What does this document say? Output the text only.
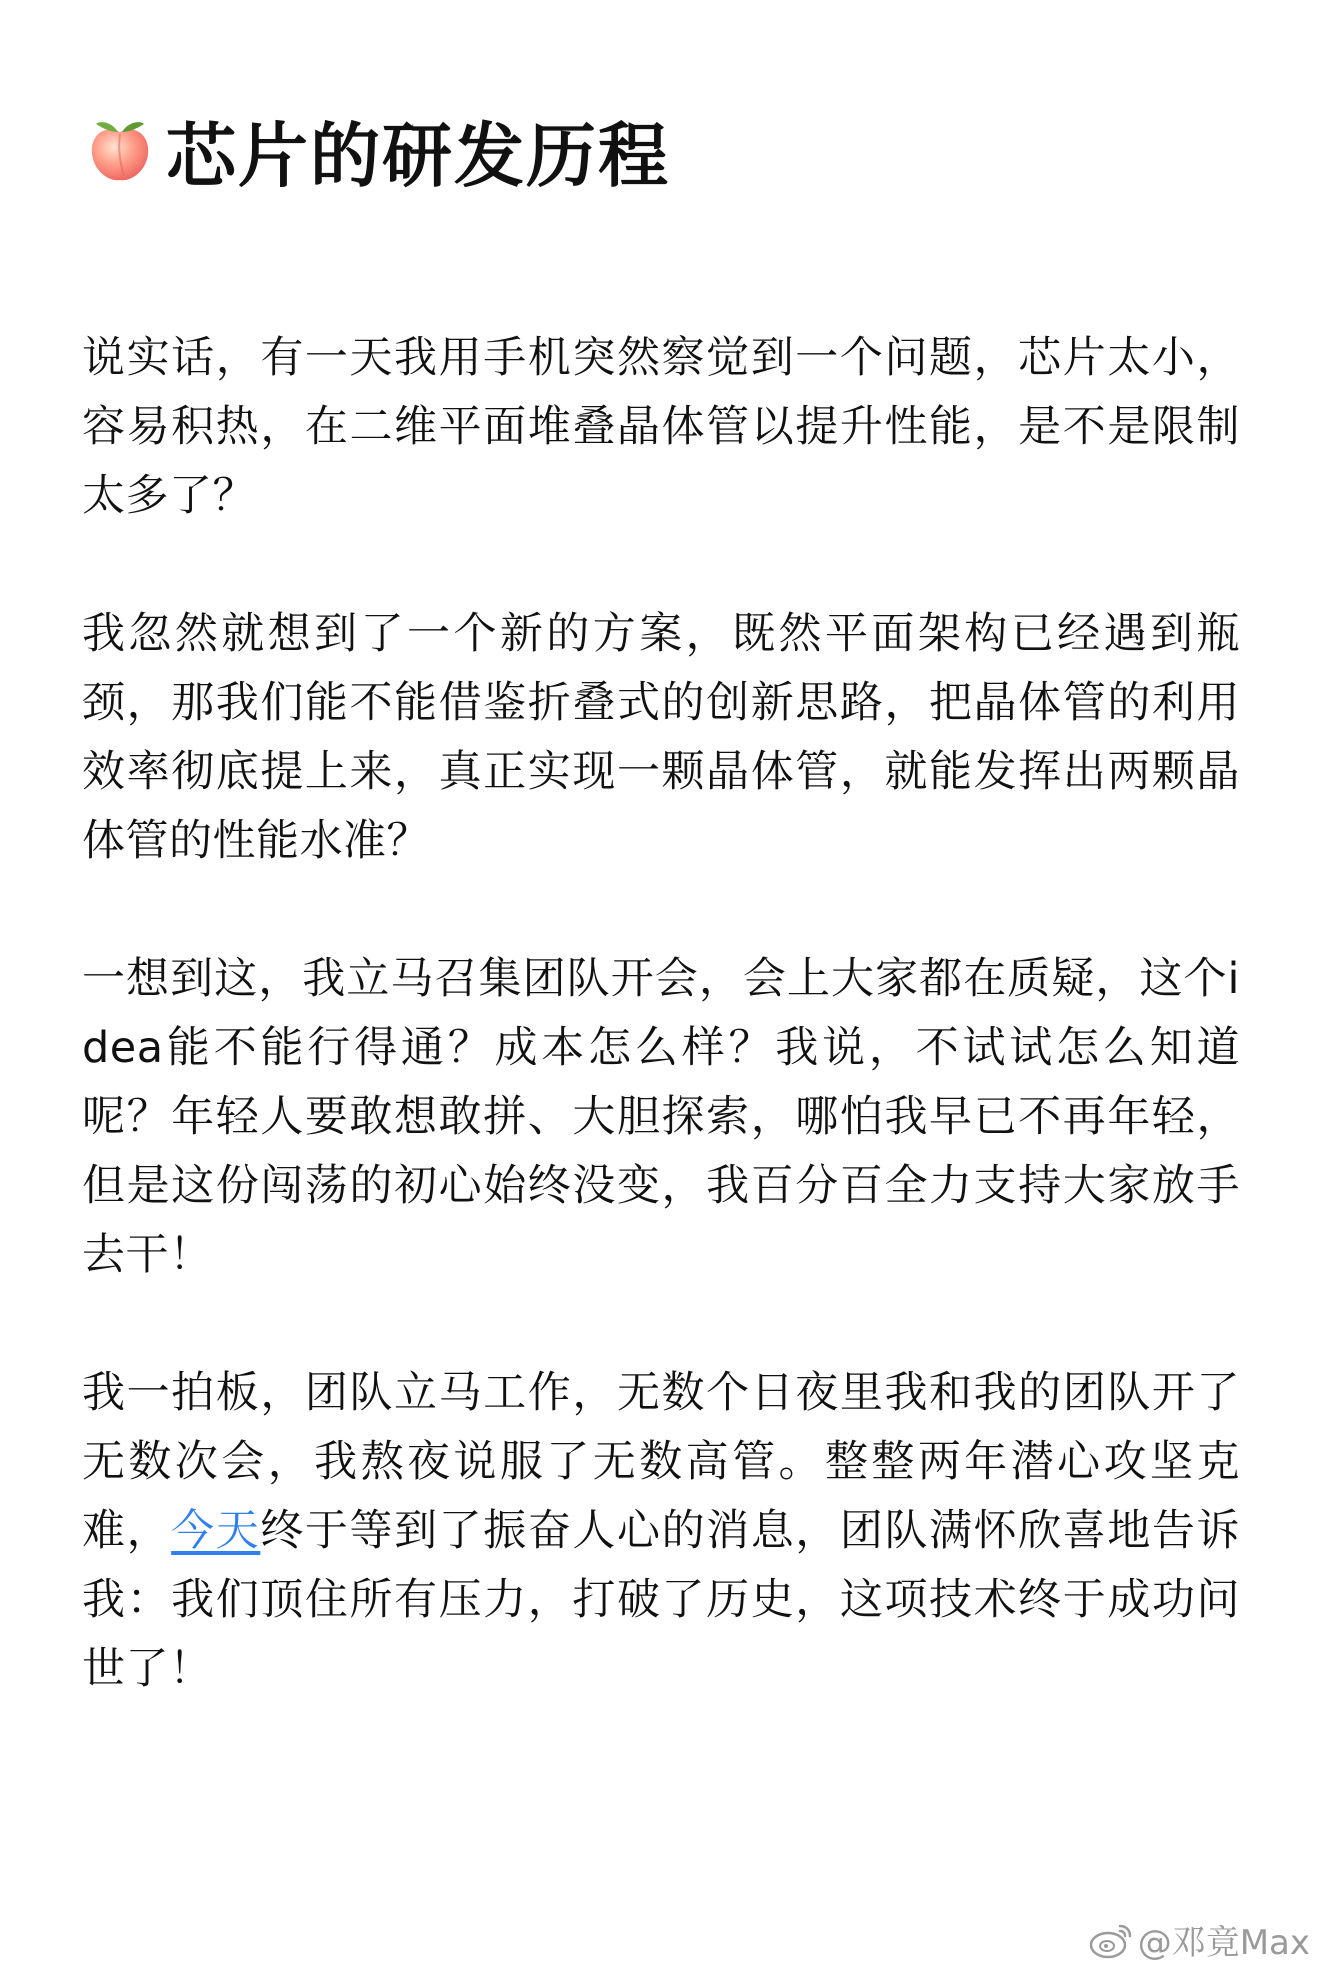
芯片的研发历程

说实话，有一天我用手机突然察觉到一个问题，芯片太小，容易积热，在二维平面堆叠晶体管以提升性能，是不是限制太多了？

我忽然就想到了一个新的方案，既然平面架构已经遇到瓶颈，那我们能不能借鉴折叠式的创新思路，把晶体管的利用效率彻底提上来，真正实现一颗晶体管，就能发挥出两颗晶体管的性能水准？

一想到这，我立马召集团队开会，会上大家都在质疑，这个idea能不能行得通？成本怎么样？我说，不试试怎么知道呢？年轻人要敢想敢拼、大胆探索，哪怕我早已不再年轻，但是这份闯荡的初心始终没变，我百分百全力支持大家放手去干！

我一拍板，团队立马工作，无数个日夜里我和我的团队开了无数次会，我熬夜说服了无数高管。整整两年潜心攻坚克难，今天终于等到了振奋人心的消息，团队满怀欣喜地告诉我：我们顶住所有压力，打破了历史，这项技术终于成功问世了！

@邓竟Max
